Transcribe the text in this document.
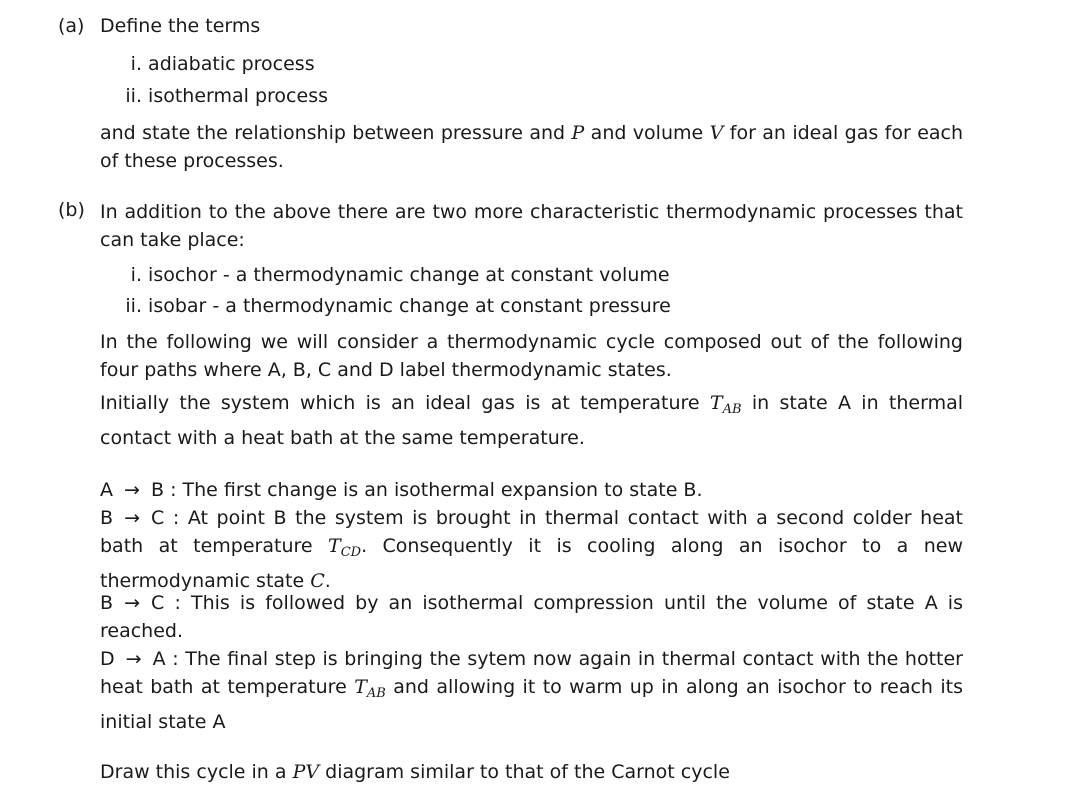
(a) Define the terms
i. adiabatic process
ii. isothermal process
and state the relationship between pressure and P and volume V for an ideal gas for each of these processes.
(b) In addition to the above there are two more characteristic thermodynamic processes that can take place:
i. isochor - a thermodynamic change at constant volume
ii. isobar - a thermodynamic change at constant pressure
In the following we will consider a thermodynamic cycle composed out of the following four paths where A, B, C and D label thermodynamic states.
Initially the system which is an ideal gas is at temperature $T_{AB}$ in state A in thermal contact with a heat bath at the same temperature.
A → B : The first change is an isothermal expansion to state B.
B → C : At point B the system is brought in thermal contact with a second colder heat bath at temperature $T_{CD}$. Consequently it is cooling along an isochor to a new thermodynamic state C.
B → C : This is followed by an isothermal compression until the volume of state A is reached.
D → A : The final step is bringing the sytem now again in thermal contact with the hotter heat bath at temperature $T_{AB}$ and allowing it to warm up in along an isochor to reach its initial state A
Draw this cycle in a PV diagram similar to that of the Carnot cycle
